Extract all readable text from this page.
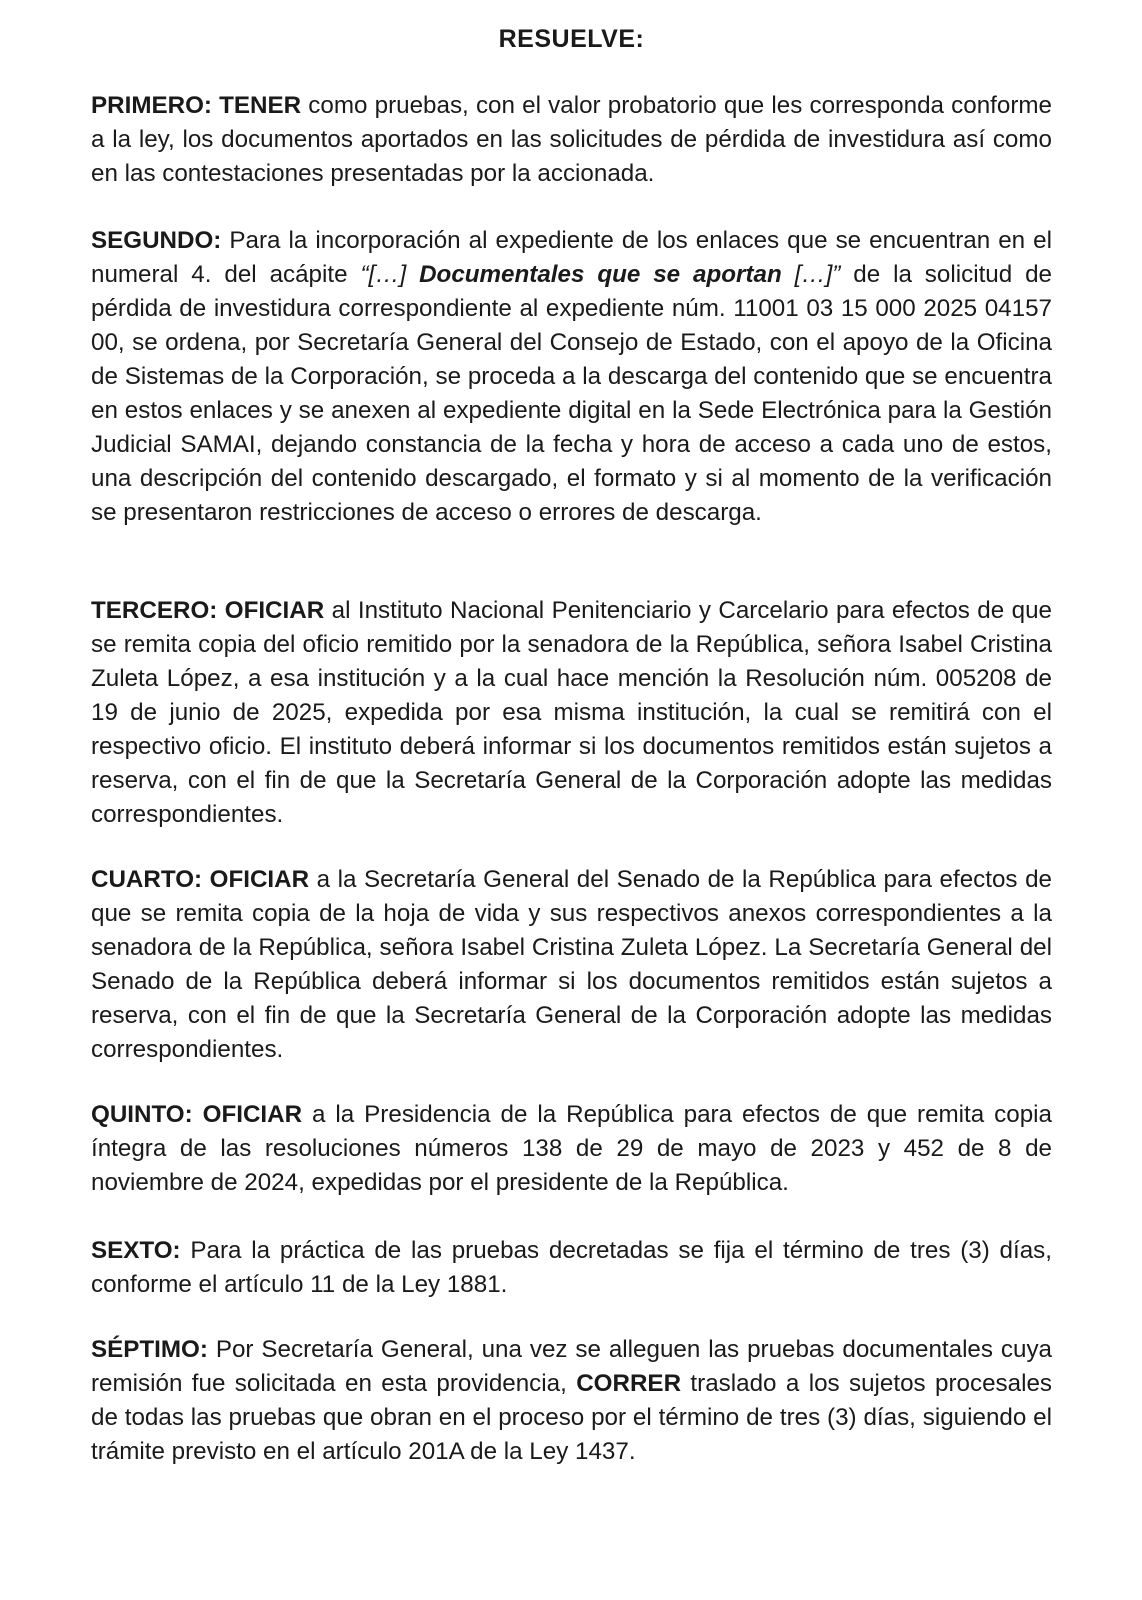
RESUELVE:

PRIMERO: TENER como pruebas, con el valor probatorio que les corresponda conforme a la ley, los documentos aportados en las solicitudes de pérdida de investidura así como en las contestaciones presentadas por la accionada.

SEGUNDO: Para la incorporación al expediente de los enlaces que se encuentran en el numeral 4. del acápite “[…] Documentales que se aportan […]” de la solicitud de pérdida de investidura correspondiente al expediente núm. 11001 03 15 000 2025 04157 00, se ordena, por Secretaría General del Consejo de Estado, con el apoyo de la Oficina de Sistemas de la Corporación, se proceda a la descarga del contenido que se encuentra en estos enlaces y se anexen al expediente digital en la Sede Electrónica para la Gestión Judicial SAMAI, dejando constancia de la fecha y hora de acceso a cada uno de estos, una descripción del contenido descargado, el formato y si al momento de la verificación se presentaron restricciones de acceso o errores de descarga.

TERCERO: OFICIAR al Instituto Nacional Penitenciario y Carcelario para efectos de que se remita copia del oficio remitido por la senadora de la República, señora Isabel Cristina Zuleta López, a esa institución y a la cual hace mención la Resolución núm. 005208 de 19 de junio de 2025, expedida por esa misma institución, la cual se remitirá con el respectivo oficio. El instituto deberá informar si los documentos remitidos están sujetos a reserva, con el fin de que la Secretaría General de la Corporación adopte las medidas correspondientes.

CUARTO: OFICIAR a la Secretaría General del Senado de la República para efectos de que se remita copia de la hoja de vida y sus respectivos anexos correspondientes a la senadora de la República, señora Isabel Cristina Zuleta López. La Secretaría General del Senado de la República deberá informar si los documentos remitidos están sujetos a reserva, con el fin de que la Secretaría General de la Corporación adopte las medidas correspondientes.

QUINTO: OFICIAR a la Presidencia de la República para efectos de que remita copia íntegra de las resoluciones números 138 de 29 de mayo de 2023 y 452 de 8 de noviembre de 2024, expedidas por el presidente de la República.

SEXTO: Para la práctica de las pruebas decretadas se fija el término de tres (3) días, conforme el artículo 11 de la Ley 1881.

SÉPTIMO: Por Secretaría General, una vez se alleguen las pruebas documentales cuya remisión fue solicitada en esta providencia, CORRER traslado a los sujetos procesales de todas las pruebas que obran en el proceso por el término de tres (3) días, siguiendo el trámite previsto en el artículo 201A de la Ley 1437.
